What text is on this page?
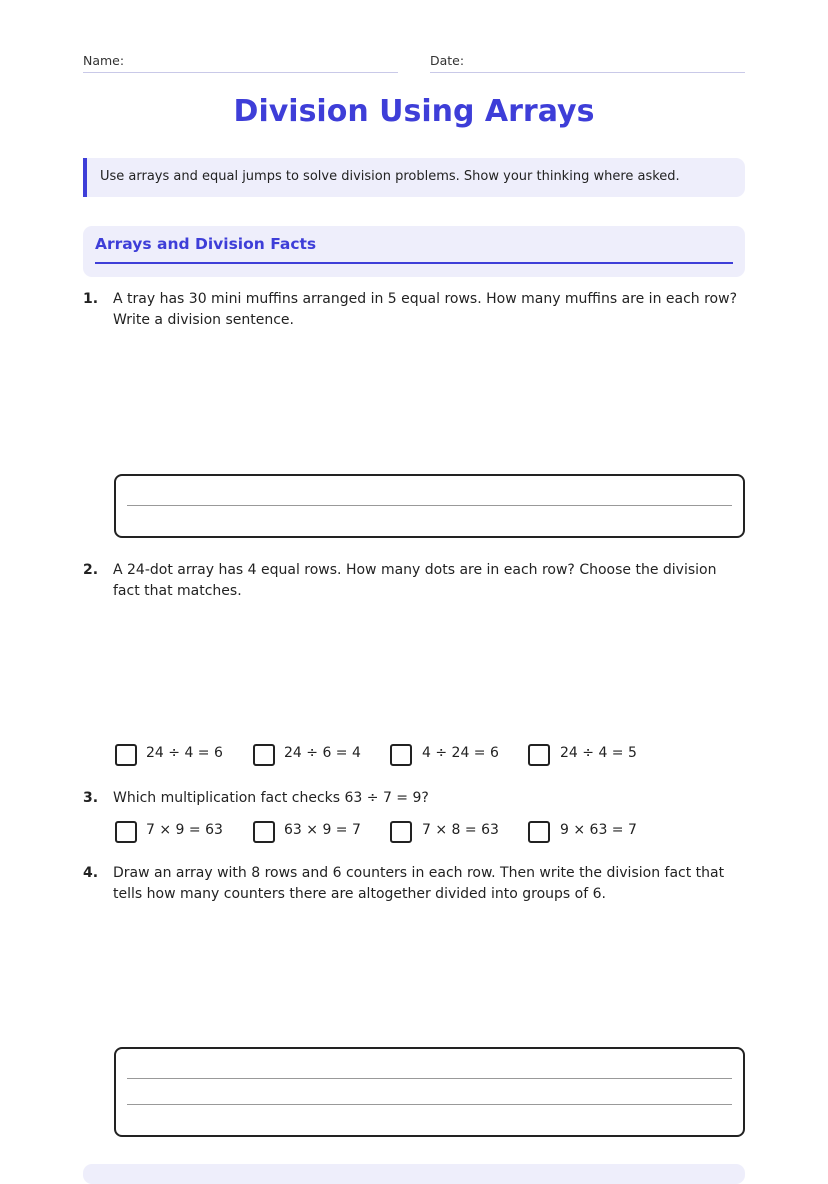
Name:	Date:
Division Using Arrays
Use arrays and equal jumps to solve division problems. Show your thinking where asked.
Arrays and Division Facts
1. A tray has 30 mini muffins arranged in 5 equal rows. How many muffins are in each row? Write a division sentence.
2. A 24-dot array has 4 equal rows. How many dots are in each row? Choose the division fact that matches.
24 ÷ 4 = 6	24 ÷ 6 = 4	4 ÷ 24 = 6	24 ÷ 4 = 5
3. Which multiplication fact checks 63 ÷ 7 = 9?
7 × 9 = 63	63 × 9 = 7	7 × 8 = 63	9 × 63 = 7
4. Draw an array with 8 rows and 6 counters in each row. Then write the division fact that tells how many counters there are altogether divided into groups of 6.
